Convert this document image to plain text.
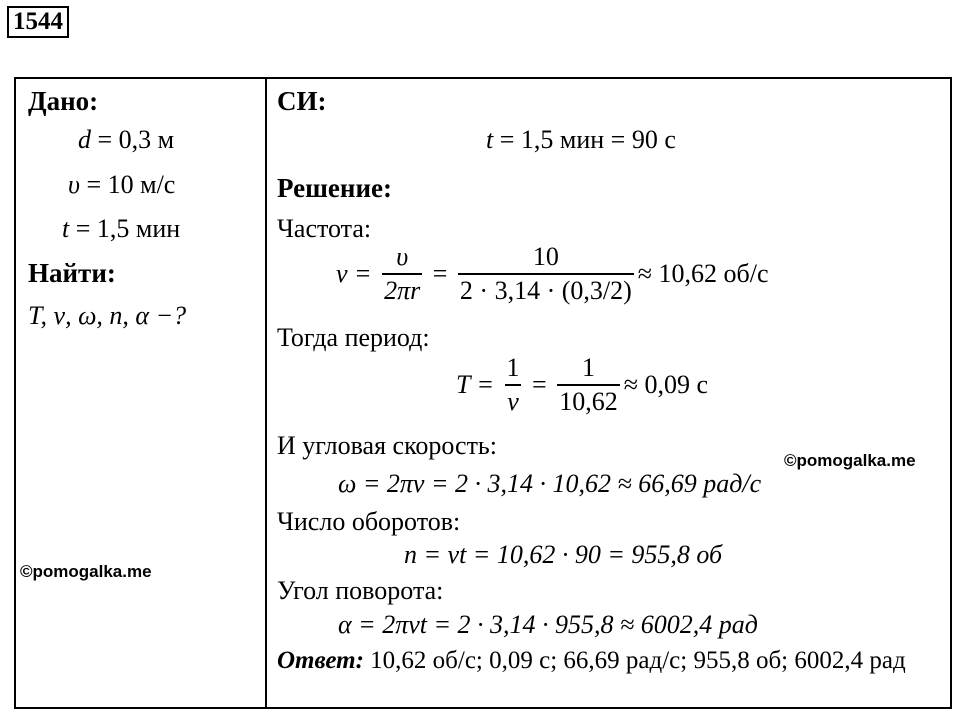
1544
Дано:
d = 0,3 м
υ = 10 м/с
t = 1,5 мин
Найти:
T, ν, ω, n, α −?
©pomogalka.me
СИ:
t = 1,5 мин = 90 с
Решение:
Частота:
$\nu = \frac{\upsilon}{2\pi r} = \frac{10}{2 \cdot 3,14 \cdot (0,3/2)} \approx 10,62$ об/с
Тогда период:
$T = \frac{1}{\nu} = \frac{1}{10,62} \approx 0,09$ с
И угловая скорость:
©pomogalka.me
ω = 2πν = 2 · 3,14 · 10,62 ≈ 66,69 рад/с
Число оборотов:
n = νt = 10,62 · 90 = 955,8 об
Угол поворота:
α = 2πνt = 2 · 3,14 · 955,8 ≈ 6002,4 рад
Ответ: 10,62 об/с; 0,09 с; 66,69 рад/с; 955,8 об; 6002,4 рад
